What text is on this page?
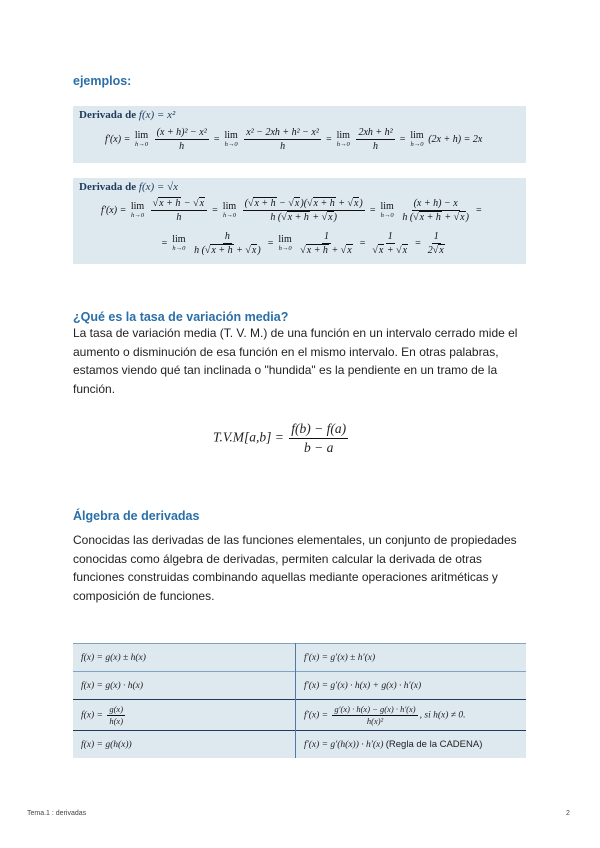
ejemplos:
Derivada de f(x) = x²
f′(x) = lim
h→0
$\frac{\text{(x + h)² − x²}}{h} = \lim$
h→0
$\frac{\text{x² − 2xh + h² − x²}}{h} = \lim$
h→0
$\frac{\text{2xh + h²}}{h} = \lim$
h→0 (2x + h) = 2x
Derivada de f(x) = √x
f′(x) = lim
h→0
$\frac{√x + h - √x}{h} = \lim$
h→0
$\frac{(√x + h - √x)(√x + h + √x)}{h (√x + h + √x)} = \lim$
h→0
$\frac{(x + h) - x}{h (√x + h + √x)}$ =
= lim
h→0
$\frac{h}{h (√x + h + √x)} = \lim$
h→0
$\frac{1}{√x + h + √x} = \frac{1}{√x + √x} = \frac{1}{2√x}$
¿Qué es la tasa de variación media?
La tasa de variación media (T. V. M.) de una función en un intervalo cerrado mide el
aumento o disminución de esa función en el mismo intervalo. En otras palabras,
estamos viendo qué tan inclinada o "hundida" es la pendiente en un tramo de la
función.
$T.V.M[a,b] = \frac{f(b) - f(a)}{b - a}$
Álgebra de derivadas
Conocidas las derivadas de las funciones elementales, un conjunto de propiedades
conocidas como álgebra de derivadas, permiten calcular la derivada de otras
funciones construidas combinando aquellas mediante operaciones aritméticas y
composición de funciones.
f(x) = g(x) ± h(x)	f′(x) = g′(x) ± h′(x)
f(x) = g(x) · h(x)	f′(x) = g′(x) · h(x) + g(x) · h′(x)
$f(x) = \frac{g(x)}{h(x)}$	$f'(x) = \frac{g'(x) \cdot h(x) - g(x) \cdot h'(x)}{\text{h(x)²}}$ , si h(x) ≠ 0.
f(x) = g(h(x))	f′(x) = g′(h(x)) · h′(x) (Regla de la CADENA)
Tema.1 : derivadas	2
